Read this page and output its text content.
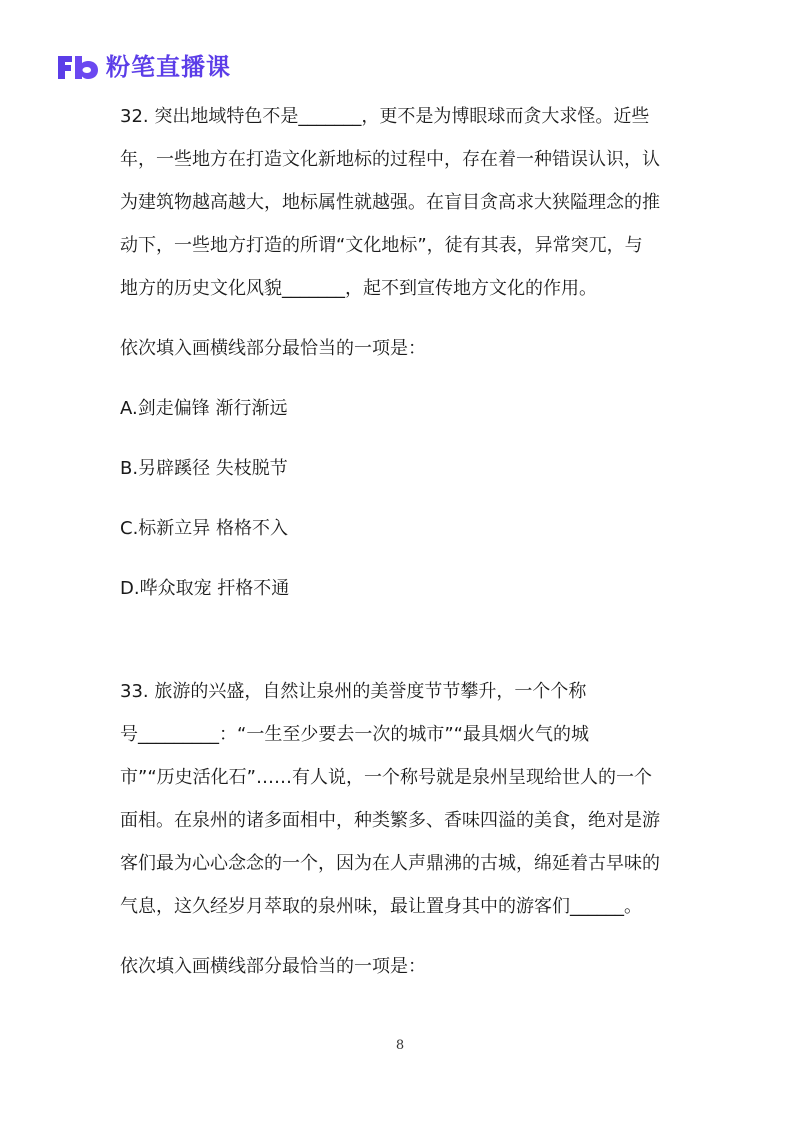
粉笔直播课
32. 突出地域特色不是_______，更不是为博眼球而贪大求怪。近些
年，一些地方在打造文化新地标的过程中，存在着一种错误认识，认
为建筑物越高越大，地标属性就越强。在盲目贪高求大狭隘理念的推
动下，一些地方打造的所谓“文化地标”，徒有其表，异常突兀，与
地方的历史文化风貌_______，起不到宣传地方文化的作用。
依次填入画横线部分最恰当的一项是：
A.剑走偏锋 渐行渐远
B.另辟蹊径 失枝脱节
C.标新立异 格格不入
D.哗众取宠 扞格不通
33. 旅游的兴盛，自然让泉州的美誉度节节攀升，一个个称
号_________：“一生至少要去一次的城市”“最具烟火气的城
市”“历史活化石”……有人说，一个称号就是泉州呈现给世人的一个
面相。在泉州的诸多面相中，种类繁多、香味四溢的美食，绝对是游
客们最为心心念念的一个，因为在人声鼎沸的古城，绵延着古早味的
气息，这久经岁月萃取的泉州味，最让置身其中的游客们______。
依次填入画横线部分最恰当的一项是：
8
